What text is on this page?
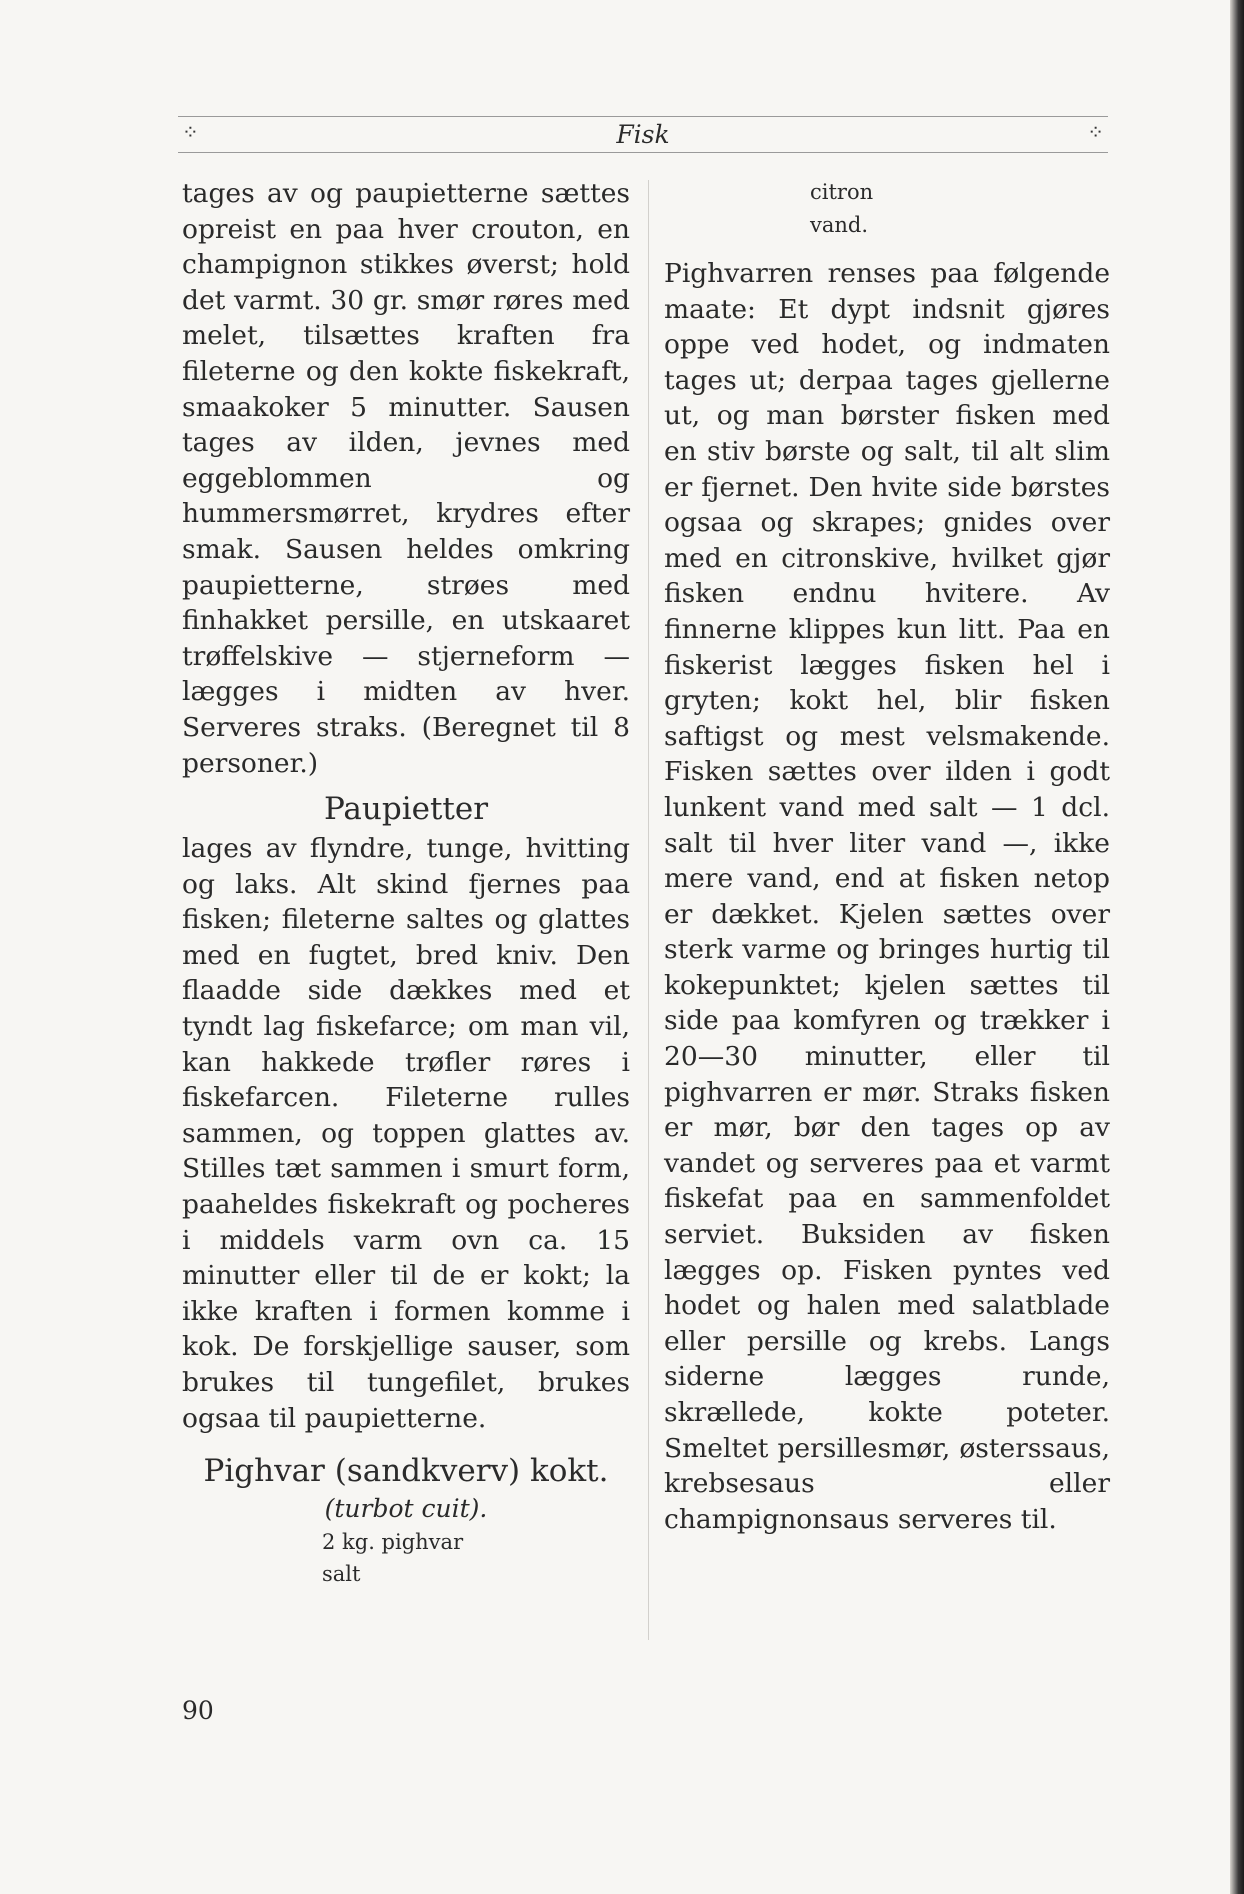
⁘	Fisk	⁘

tages av og paupietterne sættes opreist en paa hver crouton, en champignon stikkes øverst; hold det varmt. 30 gr. smør røres med melet, tilsættes kraften fra fileterne og den kokte fiskekraft, smaakoker 5 minutter. Sausen tages av ilden, jevnes med eggeblommen og hummersmørret, krydres efter smak. Sausen heldes omkring paupietterne, strøes med finhakket persille, en utskaaret trøffelskive — stjerneform — lægges i midten av hver. Serveres straks. (Beregnet til 8 personer.)

Paupietter

lages av flyndre, tunge, hvitting og laks. Alt skind fjernes paa fisken; fileterne saltes og glattes med en fugtet, bred kniv. Den flaadde side dækkes med et tyndt lag fiskefarce; om man vil, kan hakkede trøfler røres i fiskefarcen. Fileterne rulles sammen, og toppen glattes av. Stilles tæt sammen i smurt form, paaheldes fiskekraft og pocheres i middels varm ovn ca. 15 minutter eller til de er kokt; la ikke kraften i formen komme i kok. De forskjellige sauser, som brukes til tungefilet, brukes ogsaa til paupietterne.

Pighvar (sandkverv) kokt.
(turbot cuit).
2 kg. pighvar
salt
citron
vand.

Pighvarren renses paa følgende maate: Et dypt indsnit gjøres oppe ved hodet, og indmaten tages ut; derpaa tages gjellerne ut, og man børster fisken med en stiv børste og salt, til alt slim er fjernet. Den hvite side børstes ogsaa og skrapes; gnides over med en citronskive, hvilket gjør fisken endnu hvitere. Av finnerne klippes kun litt. Paa en fiskerist lægges fisken hel i gryten; kokt hel, blir fisken saftigst og mest velsmakende. Fisken sættes over ilden i godt lunkent vand med salt — 1 dcl. salt til hver liter vand —, ikke mere vand, end at fisken netop er dækket. Kjelen sættes over sterk varme og bringes hurtig til kokepunktet; kjelen sættes til side paa komfyren og trækker i 20—30 minutter, eller til pighvarren er mør. Straks fisken er mør, bør den tages op av vandet og serveres paa et varmt fiskefat paa en sammenfoldet serviet. Buksiden av fisken lægges op. Fisken pyntes ved hodet og halen med salatblade eller persille og krebs. Langs siderne lægges runde, skrællede, kokte poteter. Smeltet persillesmør, østerssaus, krebsesaus eller champignonsaus serveres til.

90
